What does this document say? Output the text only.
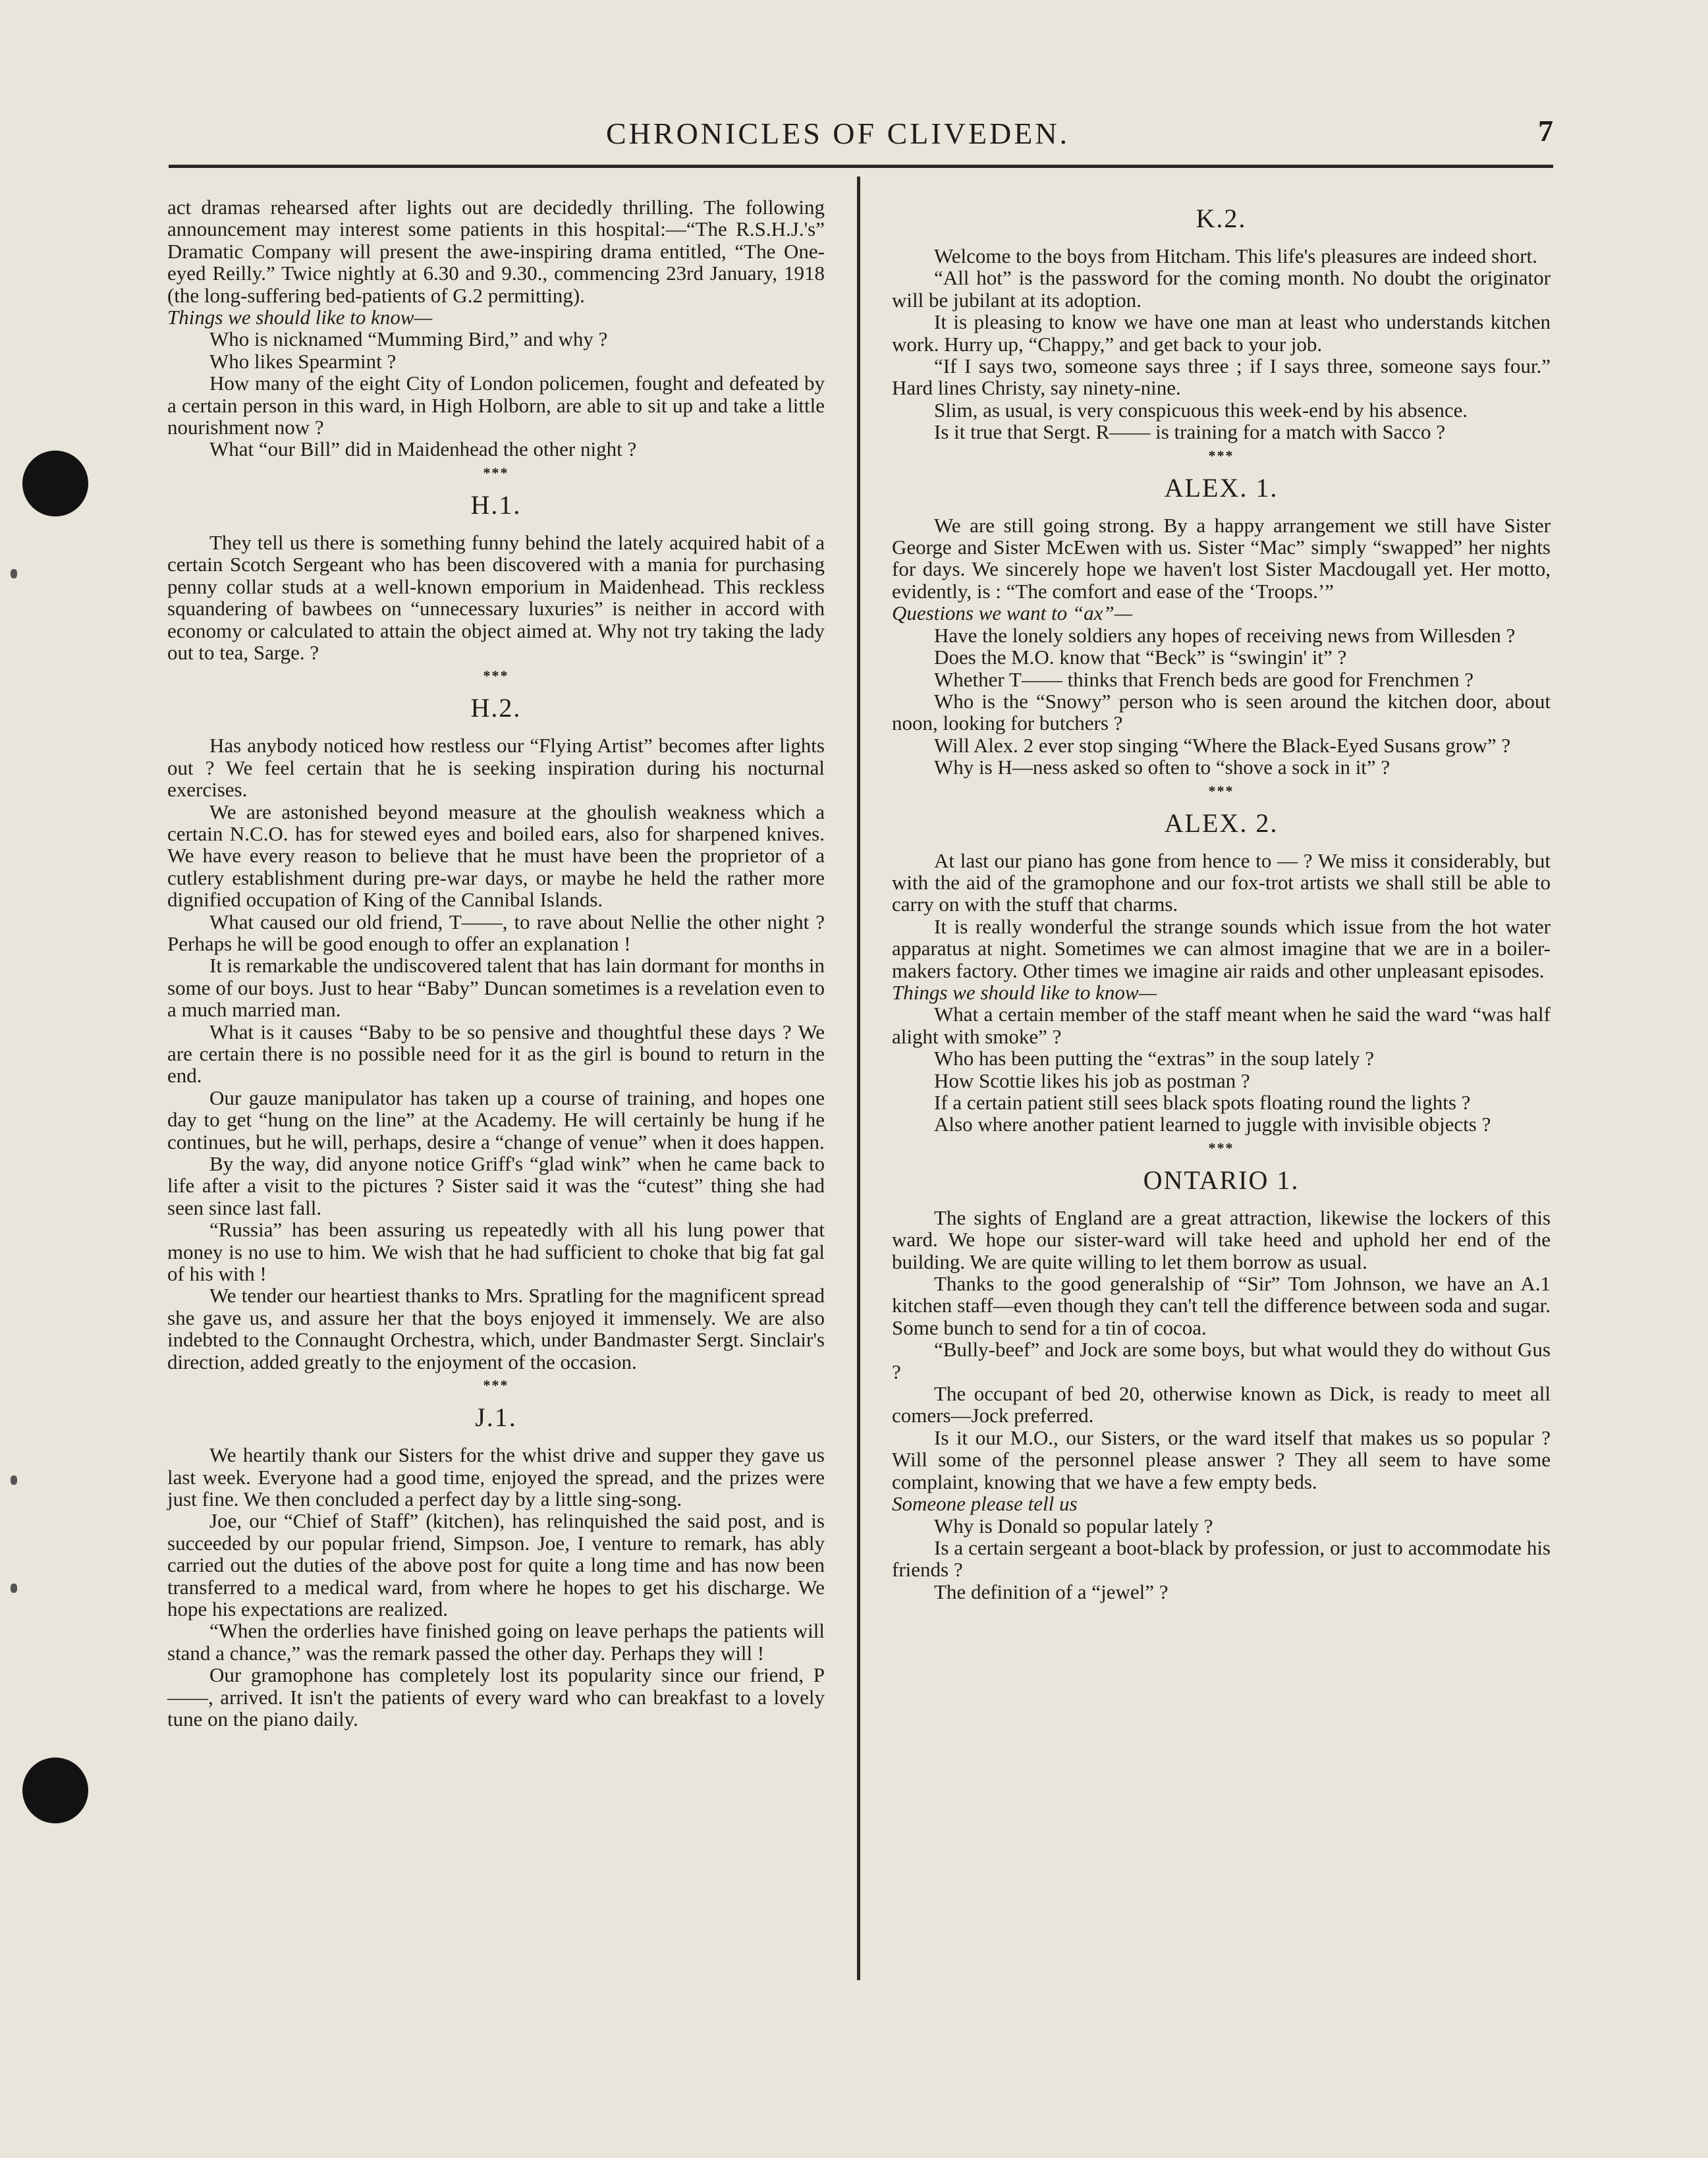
CHRONICLES OF CLIVEDEN.	7

act dramas rehearsed after lights out are decidedly thrilling. The following announcement may interest some patients in this hospital:—“The R.S.H.J.'s” Dramatic Company will present the awe-inspiring drama entitled, “The One-eyed Reilly.” Twice nightly at 6.30 and 9.30., commencing 23rd January, 1918 (the long-suffering bed-patients of G.2 permitting).

Things we should like to know—

Who is nicknamed “Mumming Bird,” and why ?

Who likes Spearmint ?

How many of the eight City of London policemen, fought and defeated by a certain person in this ward, in High Holborn, are able to sit up and take a little nourishment now ?

What “our Bill” did in Maidenhead the other night ?

***
H.1.

They tell us there is something funny behind the lately acquired habit of a certain Scotch Sergeant who has been discovered with a mania for purchasing penny collar studs at a well-known emporium in Maidenhead. This reckless squandering of bawbees on “unnecessary luxuries” is neither in accord with economy or calculated to attain the object aimed at. Why not try taking the lady out to tea, Sarge. ?

***
H.2.

Has anybody noticed how restless our “Flying Artist” becomes after lights out ? We feel certain that he is seeking inspiration during his nocturnal exercises.

We are astonished beyond measure at the ghoulish weakness which a certain N.C.O. has for stewed eyes and boiled ears, also for sharpened knives. We have every reason to believe that he must have been the proprietor of a cutlery establishment during pre-war days, or maybe he held the rather more dignified occupation of King of the Cannibal Islands.

What caused our old friend, T——, to rave about Nellie the other night ? Perhaps he will be good enough to offer an explanation !

It is remarkable the undiscovered talent that has lain dormant for months in some of our boys. Just to hear “Baby” Duncan sometimes is a revelation even to a much married man.

What is it causes “Baby to be so pensive and thoughtful these days ? We are certain there is no possible need for it as the girl is bound to return in the end.

Our gauze manipulator has taken up a course of training, and hopes one day to get “hung on the line” at the Academy. He will certainly be hung if he continues, but he will, perhaps, desire a “change of venue” when it does happen.

By the way, did anyone notice Griff's “glad wink” when he came back to life after a visit to the pictures ? Sister said it was the “cutest” thing she had seen since last fall.

“Russia” has been assuring us repeatedly with all his lung power that money is no use to him. We wish that he had sufficient to choke that big fat gal of his with !

We tender our heartiest thanks to Mrs. Spratling for the magnificent spread she gave us, and assure her that the boys enjoyed it immensely. We are also indebted to the Connaught Orchestra, which, under Bandmaster Sergt. Sinclair's direction, added greatly to the enjoyment of the occasion.

***
J.1.

We heartily thank our Sisters for the whist drive and supper they gave us last week. Everyone had a good time, enjoyed the spread, and the prizes were just fine. We then concluded a perfect day by a little sing-song.

Joe, our “Chief of Staff” (kitchen), has relinquished the said post, and is succeeded by our popular friend, Simpson. Joe, I venture to remark, has ably carried out the duties of the above post for quite a long time and has now been transferred to a medical ward, from where he hopes to get his discharge. We hope his expectations are realized.

“When the orderlies have finished going on leave perhaps the patients will stand a chance,” was the remark passed the other day. Perhaps they will !

Our gramophone has completely lost its popularity since our friend, P——, arrived. It isn't the patients of every ward who can breakfast to a lovely tune on the piano daily.

K.2.

Welcome to the boys from Hitcham. This life's pleasures are indeed short.

“All hot” is the password for the coming month. No doubt the originator will be jubilant at its adoption.

It is pleasing to know we have one man at least who understands kitchen work. Hurry up, “Chappy,” and get back to your job.

“If I says two, someone says three ; if I says three, someone says four.” Hard lines Christy, say ninety-nine.

Slim, as usual, is very conspicuous this week-end by his absence.

Is it true that Sergt. R—— is training for a match with Sacco ?

***
ALEX. 1.

We are still going strong. By a happy arrangement we still have Sister George and Sister McEwen with us. Sister “Mac” simply “swapped” her nights for days. We sincerely hope we haven't lost Sister Macdougall yet. Her motto, evidently, is : “The comfort and ease of the ‘Troops.’”

Questions we want to “ax”—

Have the lonely soldiers any hopes of receiving news from Willesden ?

Does the M.O. know that “Beck” is “swingin' it” ?

Whether T—— thinks that French beds are good for Frenchmen ?

Who is the “Snowy” person who is seen around the kitchen door, about noon, looking for butchers ?

Will Alex. 2 ever stop singing “Where the Black-Eyed Susans grow” ?

Why is H—ness asked so often to “shove a sock in it” ?

***
ALEX. 2.

At last our piano has gone from hence to — ? We miss it considerably, but with the aid of the gramophone and our fox-trot artists we shall still be able to carry on with the stuff that charms.

It is really wonderful the strange sounds which issue from the hot water apparatus at night. Sometimes we can almost imagine that we are in a boiler-makers factory. Other times we imagine air raids and other unpleasant episodes.

Things we should like to know—

What a certain member of the staff meant when he said the ward “was half alight with smoke” ?

Who has been putting the “extras” in the soup lately ?

How Scottie likes his job as postman ?

If a certain patient still sees black spots floating round the lights ?

Also where another patient learned to juggle with invisible objects ?

***
ONTARIO 1.

The sights of England are a great attraction, likewise the lockers of this ward. We hope our sister-ward will take heed and uphold her end of the building. We are quite willing to let them borrow as usual.

Thanks to the good generalship of “Sir” Tom Johnson, we have an A.1 kitchen staff—even though they can't tell the difference between soda and sugar. Some bunch to send for a tin of cocoa.

“Bully-beef” and Jock are some boys, but what would they do without Gus ?

The occupant of bed 20, otherwise known as Dick, is ready to meet all comers—Jock preferred.

Is it our M.O., our Sisters, or the ward itself that makes us so popular ? Will some of the personnel please answer ? They all seem to have some complaint, knowing that we have a few empty beds.

Someone please tell us

Why is Donald so popular lately ?

Is a certain sergeant a boot-black by profession, or just to accommodate his friends ?

The definition of a “jewel” ?
